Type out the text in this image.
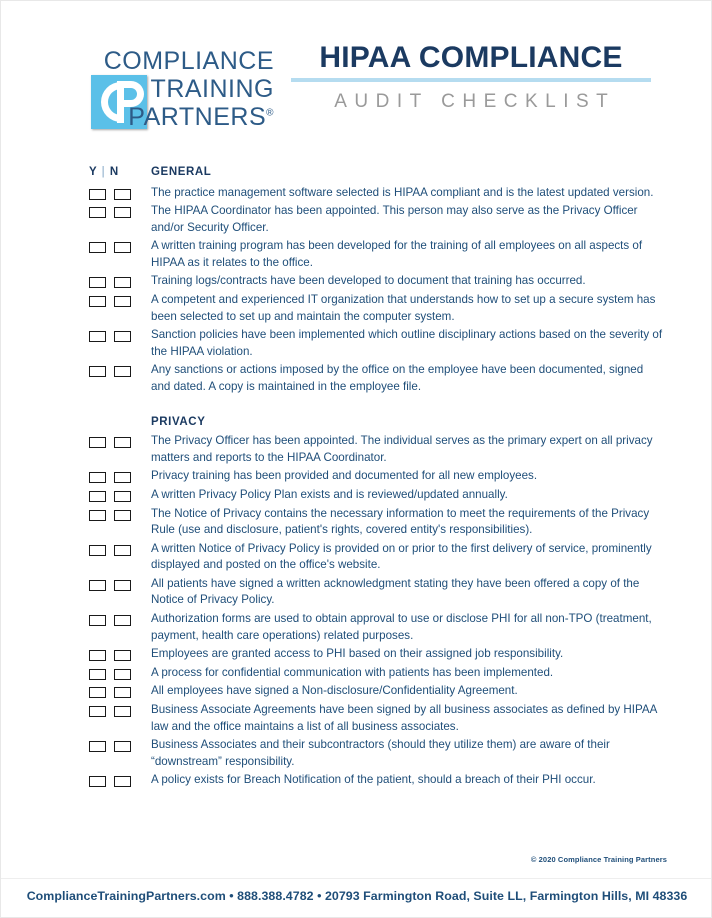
COMPLIANCE
TRAINING
PARTNERS®
HIPAA COMPLIANCE
AUDIT CHECKLIST
Y | N	GENERAL
The practice management software selected is HIPAA compliant and is the latest updated version.
The HIPAA Coordinator has been appointed. This person may also serve as the Privacy Officer and/or Security Officer.
A written training program has been developed for the training of all employees on all aspects of HIPAA as it relates to the office.
Training logs/contracts have been developed to document that training has occurred.
A competent and experienced IT organization that understands how to set up a secure system has been selected to set up and maintain the computer system.
Sanction policies have been implemented which outline disciplinary actions based on the severity of the HIPAA violation.
Any sanctions or actions imposed by the office on the employee have been documented, signed and dated. A copy is maintained in the employee file.
PRIVACY
The Privacy Officer has been appointed. The individual serves as the primary expert on all privacy matters and reports to the HIPAA Coordinator.
Privacy training has been provided and documented for all new employees.
A written Privacy Policy Plan exists and is reviewed/updated annually.
The Notice of Privacy contains the necessary information to meet the requirements of the Privacy Rule (use and disclosure, patient's rights, covered entity's responsibilities).
A written Notice of Privacy Policy is provided on or prior to the first delivery of service, prominently displayed and posted on the office's website.
All patients have signed a written acknowledgment stating they have been offered a copy of the Notice of Privacy Policy.
Authorization forms are used to obtain approval to use or disclose PHI for all non-TPO (treatment, payment, health care operations) related purposes.
Employees are granted access to PHI based on their assigned job responsibility.
A process for confidential communication with patients has been implemented.
All employees have signed a Non-disclosure/Confidentiality Agreement.
Business Associate Agreements have been signed by all business associates as defined by HIPAA law and the office maintains a list of all business associates.
Business Associates and their subcontractors (should they utilize them) are aware of their “downstream” responsibility.
A policy exists for Breach Notification of the patient, should a breach of their PHI occur.
© 2020 Compliance Training Partners
ComplianceTrainingPartners.com • 888.388.4782 • 20793 Farmington Road, Suite LL, Farmington Hills, MI 48336
